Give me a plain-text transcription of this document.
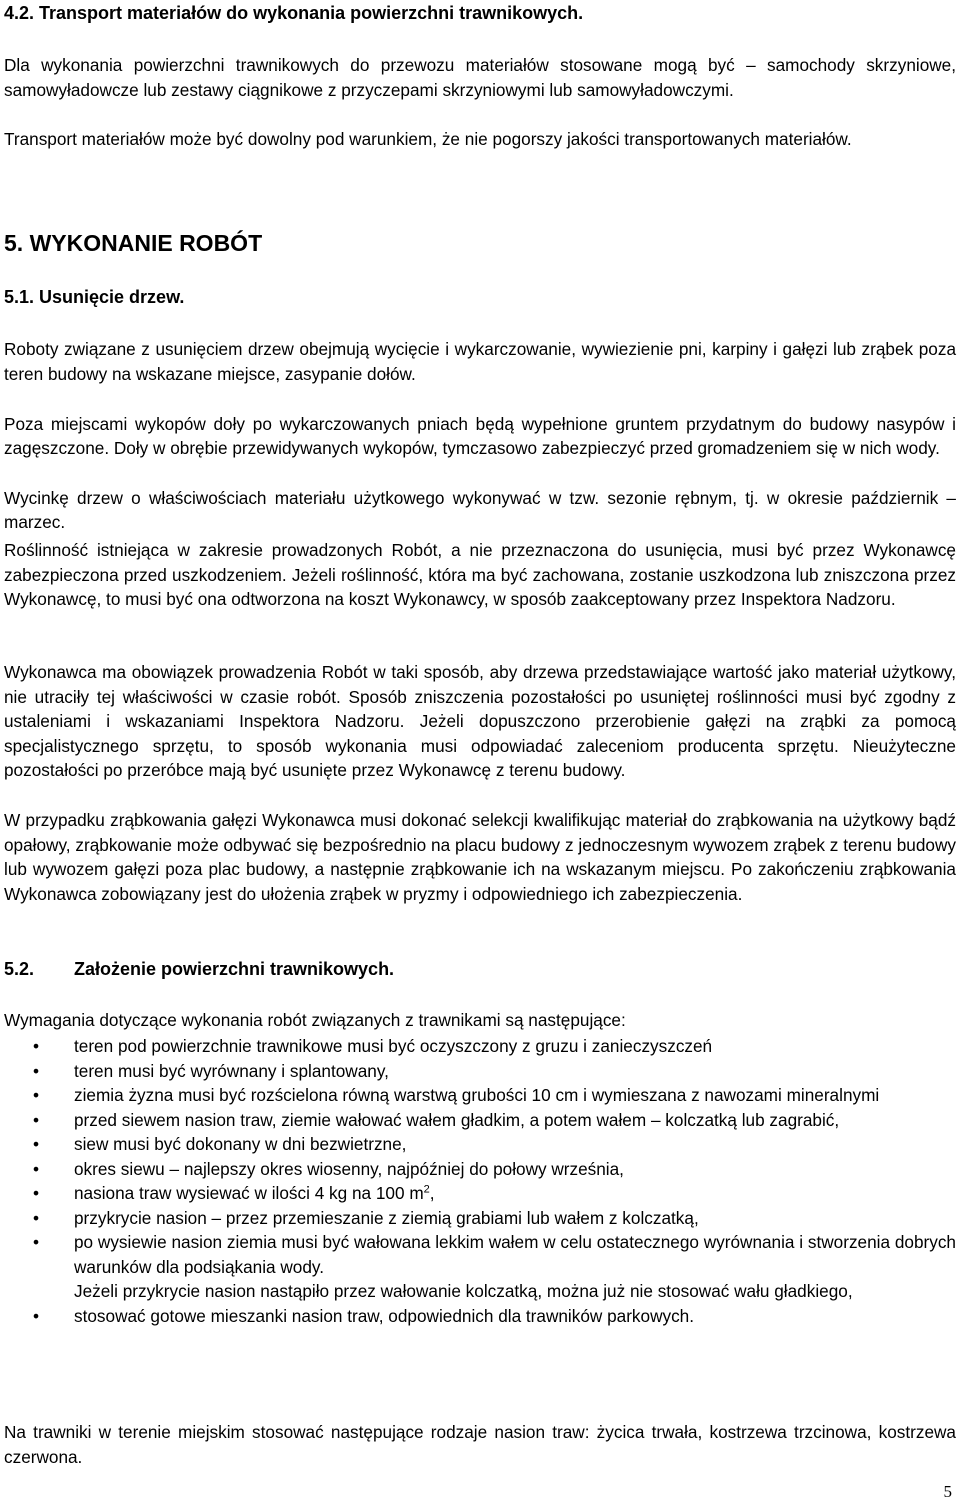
4.2. Transport materiałów do wykonania powierzchni trawnikowych.
Dla wykonania powierzchni trawnikowych do przewozu materiałów stosowane mogą być – samochody skrzyniowe, samowyładowcze lub zestawy ciągnikowe z przyczepami skrzyniowymi lub samowyładowczymi.
Transport materiałów może być dowolny pod warunkiem, że nie pogorszy jakości transportowanych materiałów.
5. WYKONANIE ROBÓT
5.1. Usunięcie drzew.
Roboty związane z usunięciem drzew obejmują wycięcie i wykarczowanie, wywiezienie pni, karpiny i gałęzi lub zrąbek poza teren budowy na wskazane miejsce, zasypanie dołów.
Poza miejscami wykopów doły po wykarczowanych pniach będą wypełnione gruntem przydatnym do budowy nasypów i zagęszczone. Doły w obrębie przewidywanych wykopów, tymczasowo zabezpieczyć przed gromadzeniem się w nich wody.
Wycinkę drzew o właściwościach materiału użytkowego wykonywać w tzw. sezonie rębnym, tj. w okresie październik – marzec.
Roślinność istniejąca w zakresie prowadzonych Robót, a nie przeznaczona do usunięcia, musi być przez Wykonawcę zabezpieczona przed uszkodzeniem. Jeżeli roślinność, która ma być zachowana, zostanie uszkodzona lub zniszczona przez Wykonawcę, to musi być ona odtworzona na koszt Wykonawcy, w sposób zaakceptowany przez Inspektora Nadzoru.
Wykonawca ma obowiązek prowadzenia Robót w taki sposób, aby drzewa przedstawiające wartość jako materiał użytkowy, nie utraciły tej właściwości w czasie robót. Sposób zniszczenia pozostałości po usuniętej roślinności musi być zgodny z ustaleniami i wskazaniami Inspektora Nadzoru. Jeżeli dopuszczono przerobienie gałęzi na zrąbki za pomocą specjalistycznego sprzętu, to sposób wykonania musi odpowiadać zaleceniom producenta sprzętu. Nieużyteczne pozostałości po przeróbce mają być usunięte przez Wykonawcę z terenu budowy.
W przypadku zrąbkowania gałęzi Wykonawca musi dokonać selekcji kwalifikując materiał do zrąbkowania na użytkowy bądź opałowy, zrąbkowanie może odbywać się bezpośrednio na placu budowy z jednoczesnym wywozem zrąbek z terenu budowy lub wywozem gałęzi poza plac budowy, a następnie zrąbkowanie ich na wskazanym miejscu. Po zakończeniu zrąbkowania Wykonawca zobowiązany jest do ułożenia zrąbek w pryzmy i odpowiedniego ich zabezpieczenia.
5.2. Założenie powierzchni trawnikowych.
Wymagania dotyczące wykonania robót związanych z trawnikami są następujące:
• teren pod powierzchnie trawnikowe musi być oczyszczony z gruzu i zanieczyszczeń
• teren musi być wyrównany i splantowany,
• ziemia żyzna musi być rozścielona równą warstwą grubości 10 cm i wymieszana z nawozami mineralnymi
• przed siewem nasion traw, ziemie wałować wałem gładkim, a potem wałem – kolczatką lub zagrabić,
• siew musi być dokonany w dni bezwietrzne,
• okres siewu – najlepszy okres wiosenny, najpóźniej do połowy września,
• nasiona traw wysiewać w ilości 4 kg na 100 $m^2$,
• przykrycie nasion – przez przemieszanie z ziemią grabiami lub wałem z kolczatką,
• po wysiewie nasion ziemia musi być wałowana lekkim wałem w celu ostatecznego wyrównania i stworzenia dobrych warunków dla podsiąkania wody.
Jeżeli przykrycie nasion nastąpiło przez wałowanie kolczatką, można już nie stosować wału gładkiego,
• stosować gotowe mieszanki nasion traw, odpowiednich dla trawników parkowych.
Na trawniki w terenie miejskim stosować następujące rodzaje nasion traw: życica trwała, kostrzewa trzcinowa, kostrzewa czerwona.
5
